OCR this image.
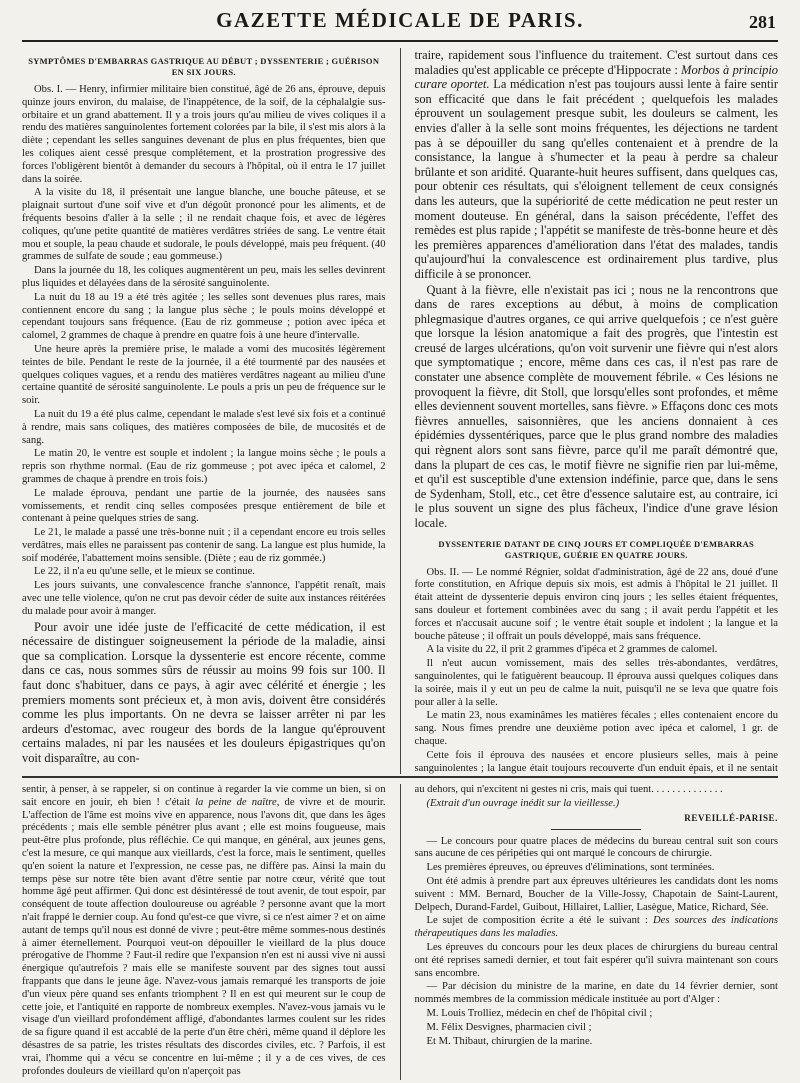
GAZETTE MÉDICALE DE PARIS.	281
SYMPTÔMES D'EMBARRAS GASTRIQUE AU DÉBUT ; DYSSENTERIE ; GUÉRISON EN SIX JOURS.

Obs. I. — Henry, infirmier militaire bien constitué, âgé de 26 ans, éprouve, depuis quinze jours environ, du malaise, de l'inappétence, de la soif, de la céphalalgie sus-orbitaire et un grand abattement. Il y a trois jours qu'au milieu de vives coliques il a rendu des matières sanguinolentes fortement colorées par la bile, il s'est mis alors à la diète ; cependant les selles sanguines devenant de plus en plus fréquentes, bien que les coliques aient cessé presque complétement, et la prostration progressive des forces l'obligèrent bientôt à demander du secours à l'hôpital, où il entra le 17 juillet dans la soirée.

A la visite du 18, il présentait une langue blanche, une bouche pâteuse, et se plaignait surtout d'une soif vive et d'un dégoût prononcé pour les aliments, et de fréquents besoins d'aller à la selle ; il ne rendait chaque fois, et avec de légères coliques, qu'une petite quantité de matières verdâtres striées de sang. Le ventre était mou et souple, la peau chaude et sudorale, le pouls développé, mais peu fréquent. (40 grammes de sulfate de soude ; eau gommeuse.)

Dans la journée du 18, les coliques augmentèrent un peu, mais les selles devinrent plus liquides et délayées dans de la sérosité sanguinolente.

La nuit du 18 au 19 a été très agitée ; les selles sont devenues plus rares, mais contiennent encore du sang ; la langue plus sèche ; le pouls moins développé et cependant toujours sans fréquence. (Eau de riz gommeuse ; potion avec ipéca et calomel, 2 grammes de chaque à prendre en quatre fois à une heure d'intervalle.

Une heure après la première prise, le malade a vomi des mucosités légèrement teintes de bile. Pendant le reste de la journée, il a été tourmenté par des nausées et quelques coliques vagues, et a rendu des matières verdâtres nageant au milieu d'une certaine quantité de sérosité sanguinolente. Le pouls a pris un peu de fréquence sur le soir.

La nuit du 19 a été plus calme, cependant le malade s'est levé six fois et a continué à rendre, mais sans coliques, des matières composées de bile, de mucosités et de sang.

Le matin 20, le ventre est souple et indolent ; la langue moins sèche ; le pouls a repris son rhythme normal. (Eau de riz gommeuse ; pot avec ipéca et calomel, 2 grammes de chaque à prendre en trois fois.)

Le malade éprouva, pendant une partie de la journée, des nausées sans vomissements, et rendit cinq selles composées presque entièrement de bile et contenant à peine quelques stries de sang.

Le 21, le malade a passé une très-bonne nuit ; il a cependant encore eu trois selles verdâtres, mais elles ne paraissent pas contenir de sang. La langue est plus humide, la soif modérée, l'abattement moins sensible. (Diète ; eau de riz gommée.)

Le 22, il n'a eu qu'une selle, et le mieux se continue.

Les jours suivants, une convalescence franche s'annonce, l'appétit renaît, mais avec une telle violence, qu'on ne crut pas devoir céder de suite aux instances réitérées du malade pour avoir à manger.

Pour avoir une idée juste de l'efficacité de cette médication, il est nécessaire de distinguer soigneusement la période de la maladie, ainsi que sa complication. Lorsque la dyssenterie est encore récente, comme dans ce cas, nous sommes sûrs de réussir au moins 99 fois sur 100. Il faut donc s'habituer, dans ce pays, à agir avec célérité et énergie ; les premiers moments sont précieux et, à mon avis, doivent être considérés comme les plus importants. On ne devra se laisser arrêter ni par les ardeurs d'estomac, avec rougeur des bords de la langue qu'éprouvent certains malades, ni par les nausées et les douleurs épigastriques qu'on voit disparaître, au con-

traire, rapidement sous l'influence du traitement. C'est surtout dans ces maladies qu'est applicable ce précepte d'Hippocrate : Morbos à principio curare oportet. La médication n'est pas toujours aussi lente à faire sentir son efficacité que dans le fait précédent ; quelquefois les malades éprouvent un soulagement presque subit, les douleurs se calment, les envies d'aller à la selle sont moins fréquentes, les déjections ne tardent pas à se dépouiller du sang qu'elles contenaient et à prendre de la consistance, la langue à s'humecter et la peau à perdre sa chaleur brûlante et son aridité. Quarante-huit heures suffisent, dans quelques cas, pour obtenir ces résultats, qui s'éloignent tellement de ceux consignés dans les auteurs, que la supériorité de cette médication ne peut rester un moment douteuse. En général, dans la saison précédente, l'effet des remèdes est plus rapide ; l'appétit se manifeste de très-bonne heure et dès les premières apparences d'amélioration dans l'état des malades, tandis qu'aujourd'hui la convalescence est ordinairement plus tardive, plus difficile à se prononcer.

Quant à la fièvre, elle n'existait pas ici ; nous ne la rencontrons que dans de rares exceptions au début, à moins de complication phlegmasique d'autres organes, ce qui arrive quelquefois ; ce n'est guère que lorsque la lésion anatomique a fait des progrès, que l'intestin est creusé de larges ulcérations, qu'on voit survenir une fièvre qui n'est alors que symptomatique ; encore, même dans ces cas, il n'est pas rare de constater une absence complète de mouvement fébrile. « Ces lésions ne provoquent la fièvre, dit Stoll, que lorsqu'elles sont profondes, et même elles deviennent souvent mortelles, sans fièvre. » Effaçons donc ces mots fièvres annuelles, saisonnières, que les anciens donnaient à ces épidémies dyssentériques, parce que le plus grand nombre des maladies qui règnent alors sont sans fièvre, parce qu'il me paraît démontré que, dans la plupart de ces cas, le motif fièvre ne signifie rien par lui-même, et qu'il est susceptible d'une extension indéfinie, parce que, dans le sens de Sydenham, Stoll, etc., cet être d'essence salutaire est, au contraire, ici le plus souvent un signe des plus fâcheux, l'indice d'une grave lésion locale.

DYSSENTERIE DATANT DE CINQ JOURS ET COMPLIQUÉE D'EMBARRAS GASTRIQUE, GUÉRIE EN QUATRE JOURS.

Obs. II. — Le nommé Régnier, soldat d'administration, âgé de 22 ans, doué d'une forte constitution, en Afrique depuis six mois, est admis à l'hôpital le 21 juillet. Il était atteint de dyssenterie depuis environ cinq jours ; les selles étaient fréquentes, sans douleur et fortement combinées avec du sang ; il avait perdu l'appétit et les forces et n'accusait aucune soif ; le ventre était souple et indolent ; la langue et la bouche pâteuse ; il offrait un pouls développé, mais sans fréquence.

A la visite du 22, il prit 2 grammes d'ipéca et 2 grammes de calomel.

Il n'eut aucun vomissement, mais des selles très-abondantes, verdâtres, sanguinolentes, qui le fatiguèrent beaucoup. Il éprouva aussi quelques coliques dans la soirée, mais il y eut un peu de calme la nuit, puisqu'il ne se leva que quatre fois pour aller à la selle.

Le matin 23, nous examinâmes les matières fécales ; elles contenaient encore du sang. Nous fîmes prendre une deuxième potion avec ipéca et calomel, 1 gr. de chaque.

Cette fois il éprouva des nausées et encore plusieurs selles, mais à peine sanguinolentes ; la langue était toujours recouverte d'un enduit épais, et il ne sentait

sentir, à penser, à se rappeler, si on continue à regarder la vie comme un bien, si on sait encore en jouir, eh bien ! c'était la peine de naître, de vivre et de mourir. L'affection de l'âme est moins vive en apparence, nous l'avons dit, que dans les âges précédents ; mais elle semble pénétrer plus avant ; elle est moins fougueuse, mais peut-être plus profonde, plus réfléchie. Ce qui manque, en général, aux jeunes gens, c'est la mesure, ce qui manque aux vieillards, c'est la force, mais le sentiment, quelles qu'en soient la nature et l'expression, ne cesse pas, ne diffère pas. Ainsi la main du temps pèse sur notre tête bien avant d'être sentie par notre cœur, vérité que tout homme âgé peut affirmer. Qui donc est désintéressé de tout avenir, de tout espoir, par conséquent de toute affection douloureuse ou agréable ? personne avant que la mort n'ait frappé le dernier coup. Au fond qu'est-ce que vivre, si ce n'est aimer ? et on aime autant de temps qu'il nous est donné de vivre ; peut-être même sommes-nous destinés à aimer éternellement. Pourquoi veut-on dépouiller le vieillard de la plus douce prérogative de l'homme ? Faut-il redire que l'expansion n'en est ni aussi vive ni aussi énergique qu'autrefois ? mais elle se manifeste souvent par des signes tout aussi frappants que dans le jeune âge. N'avez-vous jamais remarqué les transports de joie d'un vieux père quand ses enfants triomphent ? Il en est qui meurent sur le coup de cette joie, et l'antiquité en rapporte de nombreux exemples. N'avez-vous jamais vu le visage d'un vieillard profondément affligé, d'abondantes larmes coulent sur les rides de sa figure quand il est accablé de la perte d'un être chéri, même quand il déplore les désastres de sa patrie, les tristes résultats des discordes civiles, etc. ? Parfois, il est vrai, l'homme qui a vécu se concentre en lui-même ; il y a de ces vives, de ces profondes douleurs de vieillard qu'on n'aperçoit pas

au dehors, qui n'excitent ni gestes ni cris, mais qui tuent. . . . . . . . . . . . . .

(Extrait d'un ouvrage inédit sur la vieillesse.)

REVEILLÉ-PARISE.

— Le concours pour quatre places de médecins du bureau central suit son cours sans aucune de ces péripéties qui ont marqué le concours de chirurgie.

Les premières épreuves, ou épreuves d'éliminations, sont terminées.

Ont été admis à prendre part aux épreuves ultérieures les candidats dont les noms suivent : MM. Bernard, Boucher de la Ville-Jossy, Chapotain de Saint-Laurent, Delpech, Durand-Fardel, Guibout, Hillairet, Lallier, Lasègue, Matice, Richard, Sée.

Le sujet de composition écrite a été le suivant : Des sources des indications thérapeutiques dans les maladies.

Les épreuves du concours pour les deux places de chirurgiens du bureau central ont été reprises samedi dernier, et tout fait espérer qu'il suivra maintenant son cours sans encombre.

— Par décision du ministre de la marine, en date du 14 février dernier, sont nommés membres de la commission médicale instituée au port d'Alger :

M. Louis Trolliez, médecin en chef de l'hôpital civil ;

M. Félix Desvignes, pharmacien civil ;

Et M. Thibaut, chirurgien de la marine.
